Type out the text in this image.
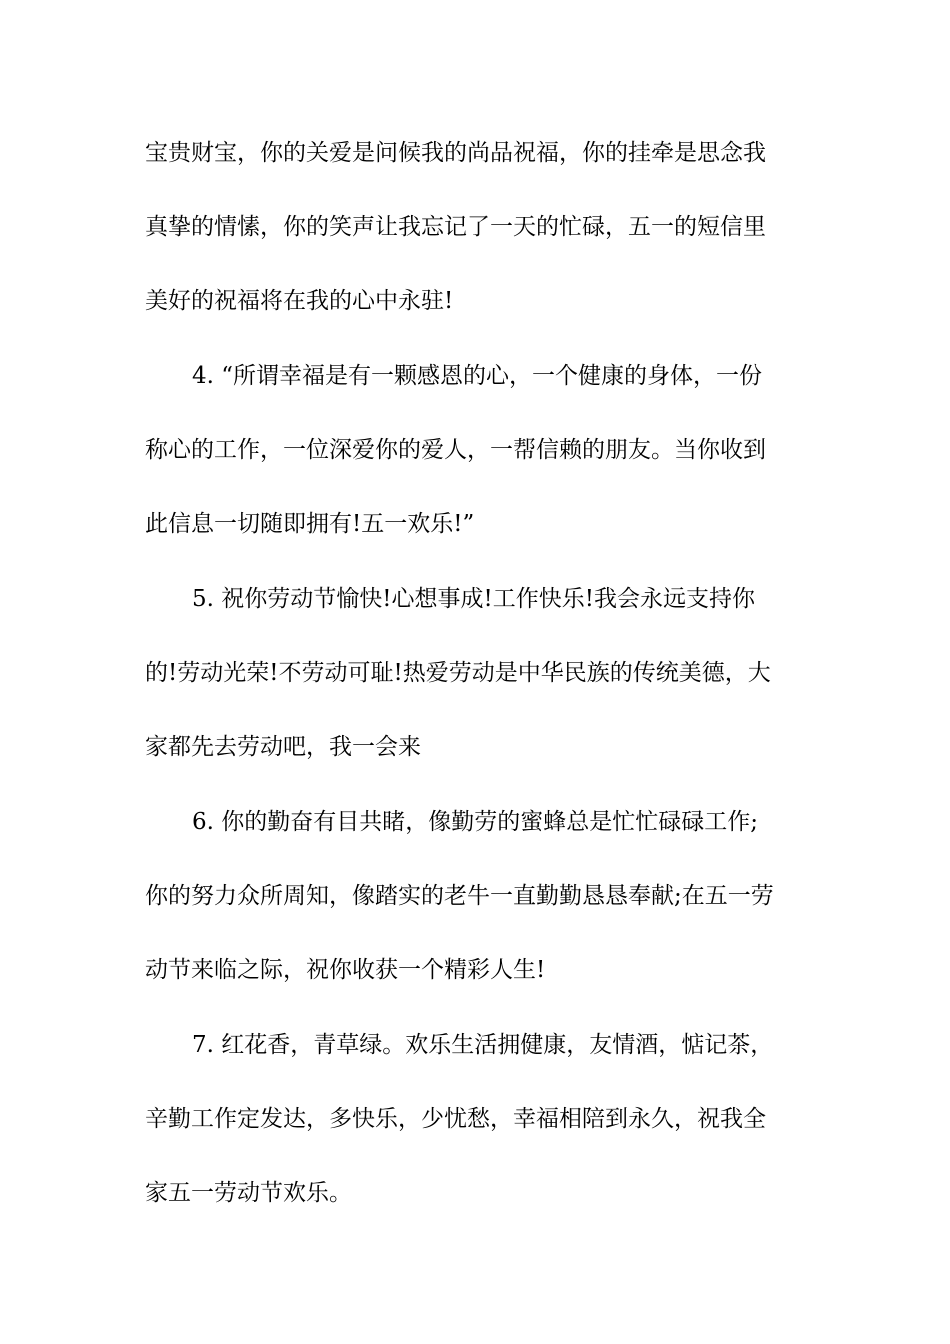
宝贵财宝，你的关爱是问候我的尚品祝福，你的挂牵是思念我
真挚的情愫，你的笑声让我忘记了一天的忙碌，五一的短信里
美好的祝福将在我的心中永驻!
4. “所谓幸福是有一颗感恩的心，一个健康的身体，一份
称心的工作，一位深爱你的爱人，一帮信赖的朋友。当你收到
此信息一切随即拥有!五一欢乐!”
5. 祝你劳动节愉快!心想事成!工作快乐!我会永远支持你
的!劳动光荣!不劳动可耻!热爱劳动是中华民族的传统美德，大
家都先去劳动吧，我一会来
6. 你的勤奋有目共睹，像勤劳的蜜蜂总是忙忙碌碌工作;
你的努力众所周知，像踏实的老牛一直勤勤恳恳奉献;在五一劳
动节来临之际，祝你收获一个精彩人生!
7. 红花香，青草绿。欢乐生活拥健康，友情酒，惦记茶，
辛勤工作定发达，多快乐，少忧愁，幸福相陪到永久，祝我全
家五一劳动节欢乐。
